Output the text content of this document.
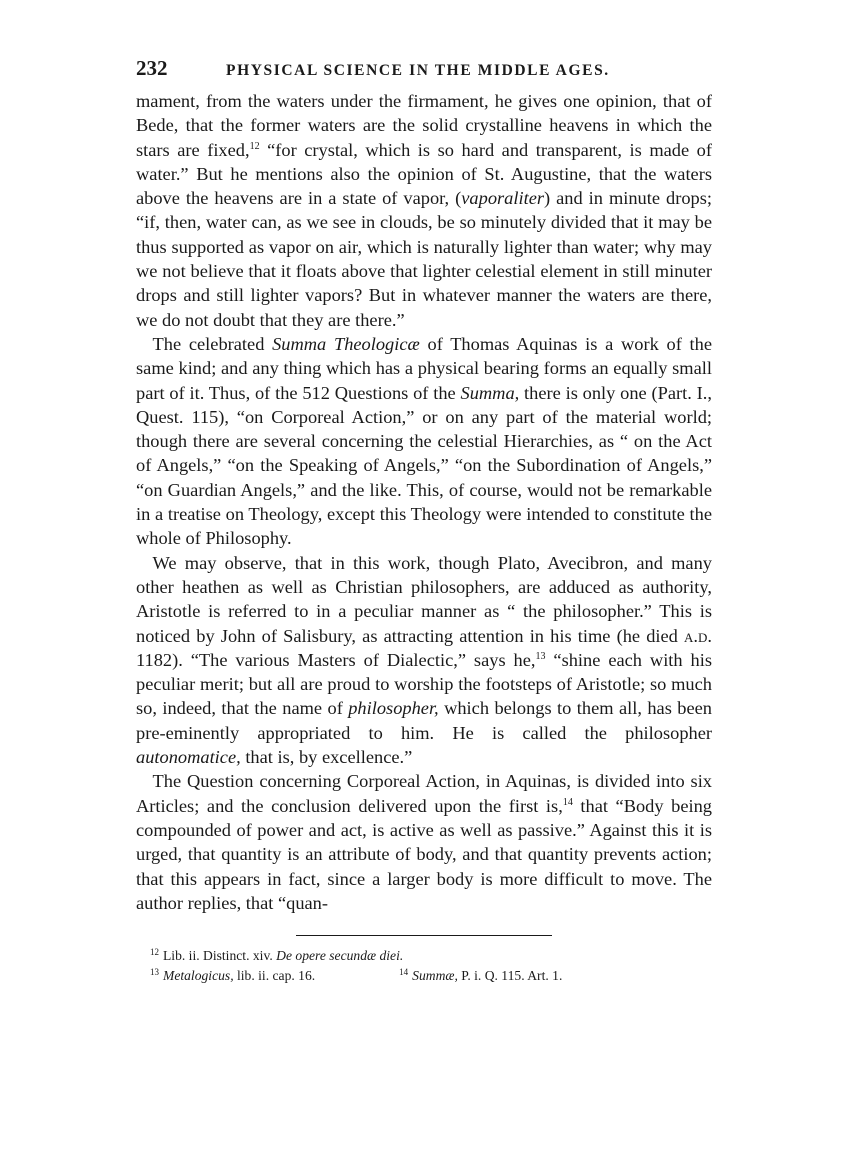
232	PHYSICAL SCIENCE IN THE MIDDLE AGES.

mament, from the waters under the firmament, he gives one opinion, that of Bede, that the former waters are the solid crystalline heavens in which the stars are fixed,$^{12}$ “for crystal, which is so hard and transparent, is made of water.” But he mentions also the opinion of St. Augustine, that the waters above the heavens are in a state of vapor, (vaporaliter) and in minute drops; “if, then, water can, as we see in clouds, be so minutely divided that it may be thus supported as vapor on air, which is naturally lighter than water; why may we not believe that it floats above that lighter celestial element in still minuter drops and still lighter vapors? But in whatever manner the waters are there, we do not doubt that they are there.”

The celebrated Summa Theologicæ of Thomas Aquinas is a work of the same kind; and any thing which has a physical bearing forms an equally small part of it. Thus, of the 512 Questions of the Summa, there is only one (Part. I., Quest. 115), “on Corporeal Action,” or on any part of the material world; though there are several concerning the celestial Hierarchies, as “ on the Act of Angels,” “on the Speaking of Angels,” “on the Subordination of Angels,” “on Guardian Angels,” and the like. This, of course, would not be remarkable in a treatise on Theology, except this Theology were intended to constitute the whole of Philosophy.

We may observe, that in this work, though Plato, Avecibron, and many other heathen as well as Christian philosophers, are adduced as authority, Aristotle is referred to in a peculiar manner as “ the philosopher.” This is noticed by John of Salisbury, as attracting attention in his time (he died a.d. 1182). “The various Masters of Dialectic,” says he,$^{13}$ “shine each with his peculiar merit; but all are proud to worship the footsteps of Aristotle; so much so, indeed, that the name of philosopher, which belongs to them all, has been pre-eminently appropriated to him. He is called the philosopher autonomatice, that is, by excellence.”

The Question concerning Corporeal Action, in Aquinas, is divided into six Articles; and the conclusion delivered upon the first is,$^{14}$ that “Body being compounded of power and act, is active as well as passive.” Against this it is urged, that quantity is an attribute of body, and that quantity prevents action; that this appears in fact, since a larger body is more difficult to move. The author replies, that “quan-

$^{12}$ Lib. ii. Distinct. xiv. De opere secundæ diei.
$^{13}$ Metalogicus, lib. ii. cap. 16.	$^{14}$ Summæ, P. i. Q. 115. Art. 1.
